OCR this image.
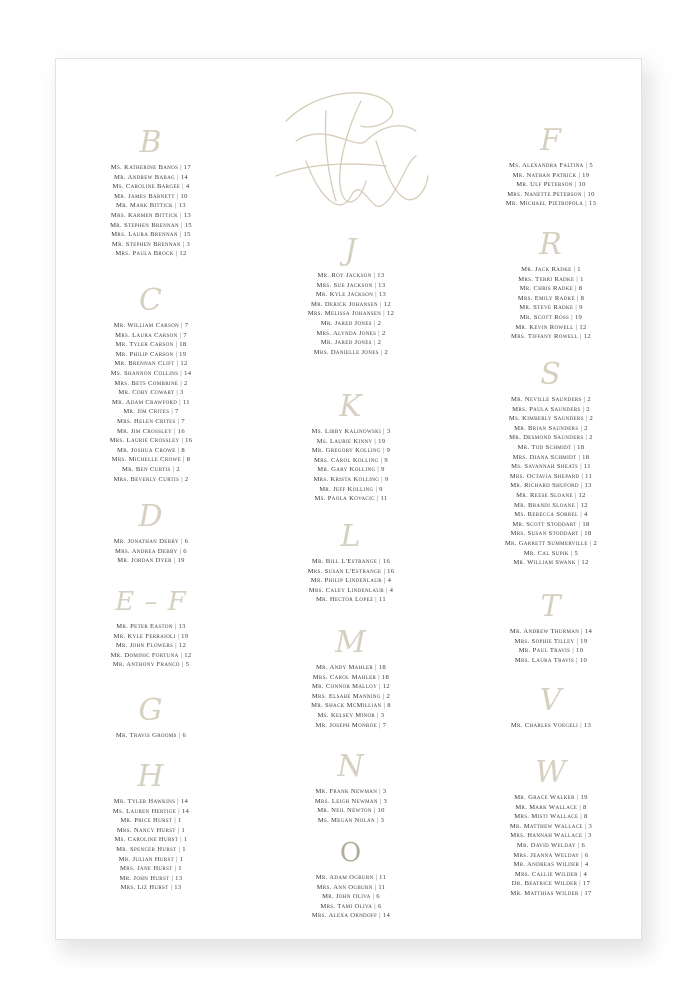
B
Ms. Katherine Banos | 17
Mr. Andrew Babag | 14
Ms. Caroline Bargee | 4
Mr. James Barnett | 10
Mr. Mark Bittick | 13
Mrs. Karmen Bittick | 13
Mr. Stephen Brennan | 15
Mrs. Laura Brennan | 15
Mr. Stephen Brennan | 3
Mrs. Paula Brock | 12
C
Mr. William Carson | 7
Mrs. Laura Carson | 7
Mr. Tyler Carson | 18
Mr. Philip Carson | 19
Mr. Brennan Clift | 12
Ms. Shannon Collins | 14
Mrs. Bets Combrine | 2
Mr. Cory Cowart | 3
Mr. Adam Crawford | 11
Mr. Jim Crites | 7
Mrs. Helen Crites | 7
Mr. Jim Crossley | 16
Mrs. Laurie Crossley | 16
Mr. Joshua Crowe | 8
Mrs. Michelle Crowe | 8
Mr. Ben Curtis | 2
Mrs. Beverly Curtis | 2
D
Mr. Jonathan Debby | 6
Mrs. Andrea Debby | 6
Mr. Jordan Dyer | 19
E – F
Mr. Peter Easton | 13
Mr. Kyle Ferraioli | 19
Mr. John Flowers | 12
Mr. Dominic Fortuna | 12
Mr. Anthony Franco | 5
G
Mr. Travis Grooms | 6
H
Mr. Tyler Hawkins | 14
Ms. Lauren Hertige | 14
Mr. Price Hurst | 1
Mrs. Nancy Hurst | 1
Ms. Caroline Hurst | 1
Mr. Spencer Hurst | 1
Mr. Julian Hurst | 1
Mrs. Jane Hurst | 1
Mr. John Hurst | 13
Mrs. Liz Hurst | 13
J
Mr. Roy Jackson | 13
Mrs. Sue Jackson | 13
Mr. Kyle Jackson | 13
Mr. Derick Johansen | 12
Mrs. Melissa Johansen | 12
Mr. Jared Jones | 2
Mrs. Alynda Jones | 2
Mr. Jared Jones | 2
Mrs. Danielle Jones | 2
K
Ms. Libby Kalinowski | 3
Ms. Laurie Kinny | 19
Mr. Gregory Kolling | 9
Mrs. Carol Kolling | 9
Mr. Gary Kolling | 9
Mrs. Krista Kolling | 9
Mr. Jeff Kolling | 9
Ms. Paola Kovacic | 11
L
Mr. Bill L'Estrange | 16
Mrs. Susan L'Estrange | 16
Mr. Philip Lindenlaub | 4
Mrs. Caley Lindenlaub | 4
Mr. Hector Lopez | 11
M
Mr. Andy Mahler | 18
Mrs. Carol Mahler | 18
Mr. Connor Malloy | 12
Mrs. Elsabe Manning | 2
Mr. Shack McMillian | 8
Ms. Kelsey Minor | 3
Mr. Joseph Monroe | 7
N
Mr. Frank Newman | 3
Mrs. Leigh Newman | 3
Mr. Neil Newton | 10
Ms. Megan Nolan | 3
O
Mr. Adam Ogburn | 11
Mrs. Ann Ogburn | 11
Mr. John Oliva | 6
Mrs. Tami Oliva | 6
Mrs. Alexa Orndoff | 14
F
Ms. Alexandra Faltina | 5
Mr. Nathan Patrick | 19
Mr. Ulf Peterson | 10
Mrs. Nanette Peterson | 10
Mr. Michael Pietropola | 13
R
Mr. Jack Radke | 1
Mrs. Terri Radke | 1
Mr. Chris Radke | 8
Mrs. Emily Radke | 8
Mr. Steve Radke | 9
Mr. Scott Ross | 19
Mr. Kevin Rowell | 12
Mrs. Tiffany Rowell | 12
S
Mr. Neville Saunders | 2
Mrs. Paula Saunders | 2
Ms. Kimberly Saunders | 2
Mr. Brian Saunders | 2
Mr. Desmond Saunders | 2
Mr. Tod Schmidt | 18
Mrs. Diana Schmidt | 18
Ms. Savannah Sheats | 11
Mrs. Octavia Shepard | 11
Mr. Richard Shuford | 13
Mr. Reese Sloane | 12
Mr. Brandi Sloane | 12
Ms. Rebecca Sorrel | 4
Mr. Scott Stoddart | 18
Mrs. Susan Stoddart | 18
Mr. Garrett Summerville | 2
Mr. Cal Supik | 5
Mr. William Swank | 12
T
Mr. Andrew Thurman | 14
Mrs. Sophie Tilley | 19
Mr. Paul Travis | 10
Mrs. Laura Travis | 10
V
Mr. Charles Voegeli | 13
W
Mr. Grace Walker | 19
Mr. Mark Wallace | 8
Mrs. Misti Wallace | 8
Mr. Matthew Wallace | 3
Mrs. Hannah Wallace | 3
Mr. David Welday | 6
Mrs. Jeanna Welday | 6
Mr. Andreas Wilder | 4
Mrs. Callie Wilder | 4
Dr. Beatrice Wilder | 17
Mr. Matthias Wilder | 17
